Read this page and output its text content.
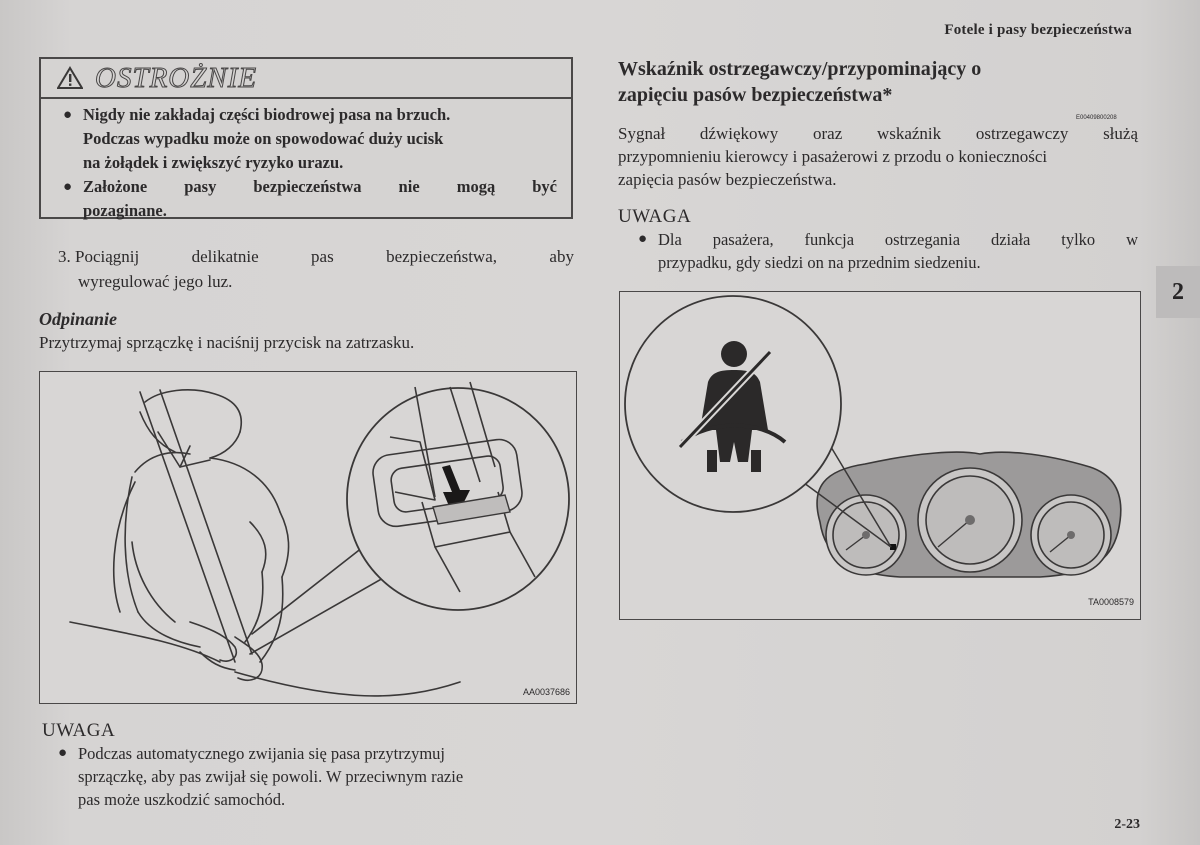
Fotele i pasy bezpieczeństwa
2
2-23
OSTROŻNIE
● Nigdy nie zakładaj części biodrowej pasa na brzuch.
Podczas wypadku może on spowodować duży ucisk
na żołądek i zwiększyć ryzyko urazu.
● Założone pasy bezpieczeństwa nie mogą być
pozaginane.
3. Pociągnij	delikatnie	pas	bezpieczeństwa,	aby
wyregulować jego luz.
Odpinanie
Przytrzymaj sprzączkę i naciśnij przycisk na zatrzasku.
AA0037686
UWAGA
● Podczas automatycznego zwijania się pasa przytrzymuj
sprzączkę, aby pas zwijał się powoli. W przeciwnym razie
pas może uszkodzić samochód.
Wskaźnik ostrzegawczy/przypominający o
zapięciu pasów bezpieczeństwa*
E00409800208
Sygnał dźwiękowy oraz wskaźnik ostrzegawczy służą
przypomnieniu kierowcy i pasażerowi z przodu o konieczności
zapięcia pasów bezpieczeństwa.
UWAGA
● Dla pasażera, funkcja ostrzegania działa tylko w
przypadku, gdy siedzi on na przednim siedzeniu.
TA0008579
